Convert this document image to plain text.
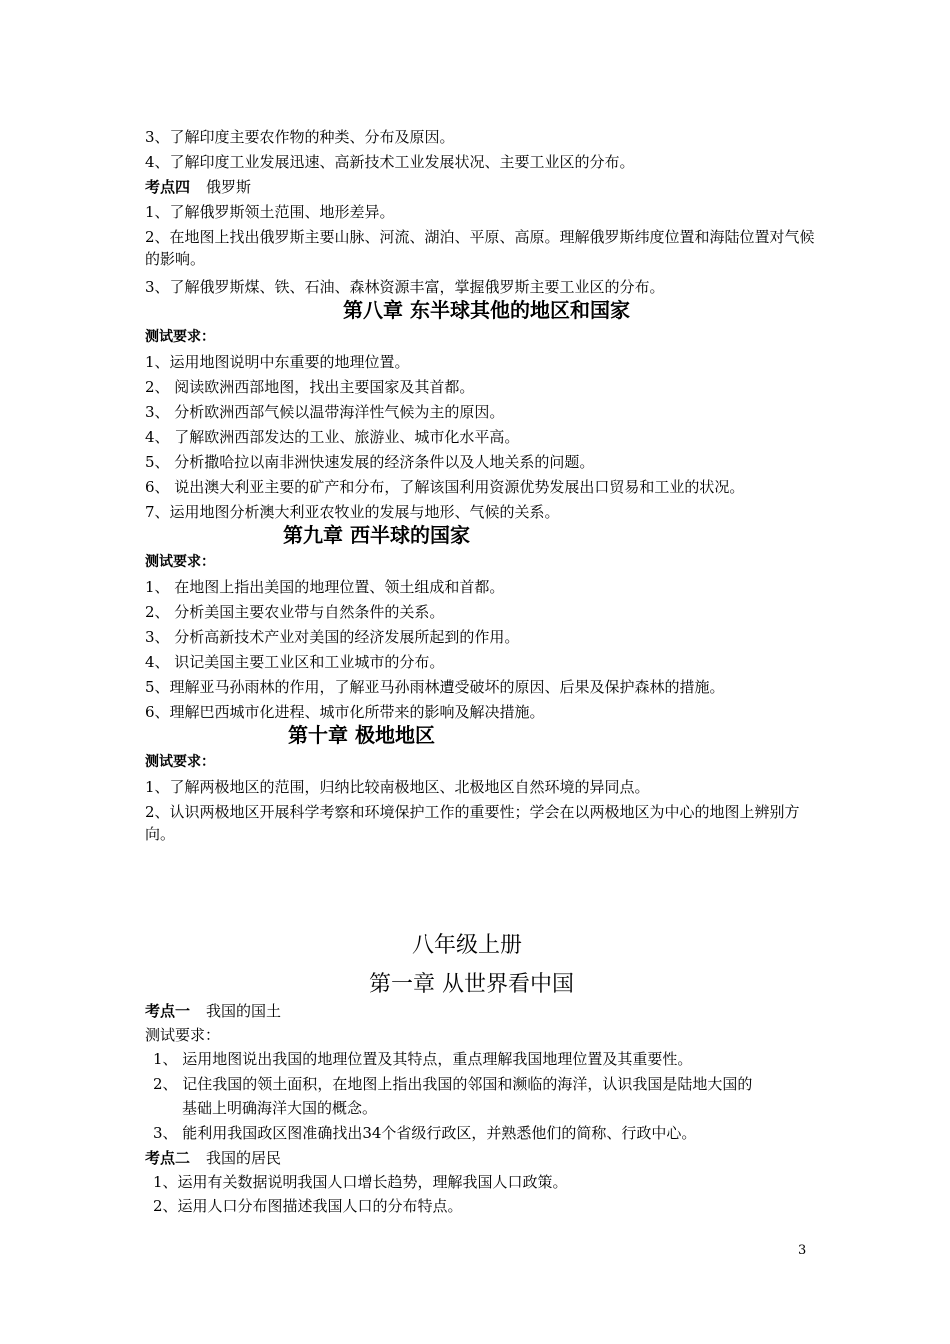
3、了解印度主要农作物的种类、分布及原因。
4、了解印度工业发展迅速、高新技术工业发展状况、主要工业区的分布。
考点四 俄罗斯
1、了解俄罗斯领土范围、地形差异。
2、在地图上找出俄罗斯主要山脉、河流、湖泊、平原、高原。理解俄罗斯纬度位置和海陆位置对气候的影响。
3、了解俄罗斯煤、铁、石油、森林资源丰富，掌握俄罗斯主要工业区的分布。
第八章 东半球其他的地区和国家
测试要求：
1、运用地图说明中东重要的地理位置。
2、 阅读欧洲西部地图，找出主要国家及其首都。
3、 分析欧洲西部气候以温带海洋性气候为主的原因。
4、 了解欧洲西部发达的工业、旅游业、城市化水平高。
5、 分析撒哈拉以南非洲快速发展的经济条件以及人地关系的问题。
6、 说出澳大利亚主要的矿产和分布，了解该国利用资源优势发展出口贸易和工业的状况。
7、运用地图分析澳大利亚农牧业的发展与地形、气候的关系。
第九章 西半球的国家
测试要求：
1、 在地图上指出美国的地理位置、领土组成和首都。
2、 分析美国主要农业带与自然条件的关系。
3、 分析高新技术产业对美国的经济发展所起到的作用。
4、 识记美国主要工业区和工业城市的分布。
5、理解亚马孙雨林的作用，了解亚马孙雨林遭受破坏的原因、后果及保护森林的措施。
6、理解巴西城市化进程、城市化所带来的影响及解决措施。
第十章 极地地区
测试要求：
1、了解两极地区的范围，归纳比较南极地区、北极地区自然环境的异同点。
2、认识两极地区开展科学考察和环境保护工作的重要性；学会在以两极地区为中心的地图上辨别方向。
八年级上册
第一章 从世界看中国
考点一 我国的国土
测试要求：
1、 运用地图说出我国的地理位置及其特点，重点理解我国地理位置及其重要性。
2、 记住我国的领土面积，在地图上指出我国的邻国和濒临的海洋，认识我国是陆地大国的
基础上明确海洋大国的概念。
3、 能利用我国政区图准确找出34个省级行政区，并熟悉他们的简称、行政中心。
考点二 我国的居民
1、运用有关数据说明我国人口增长趋势，理解我国人口政策。
2、运用人口分布图描述我国人口的分布特点。
3
